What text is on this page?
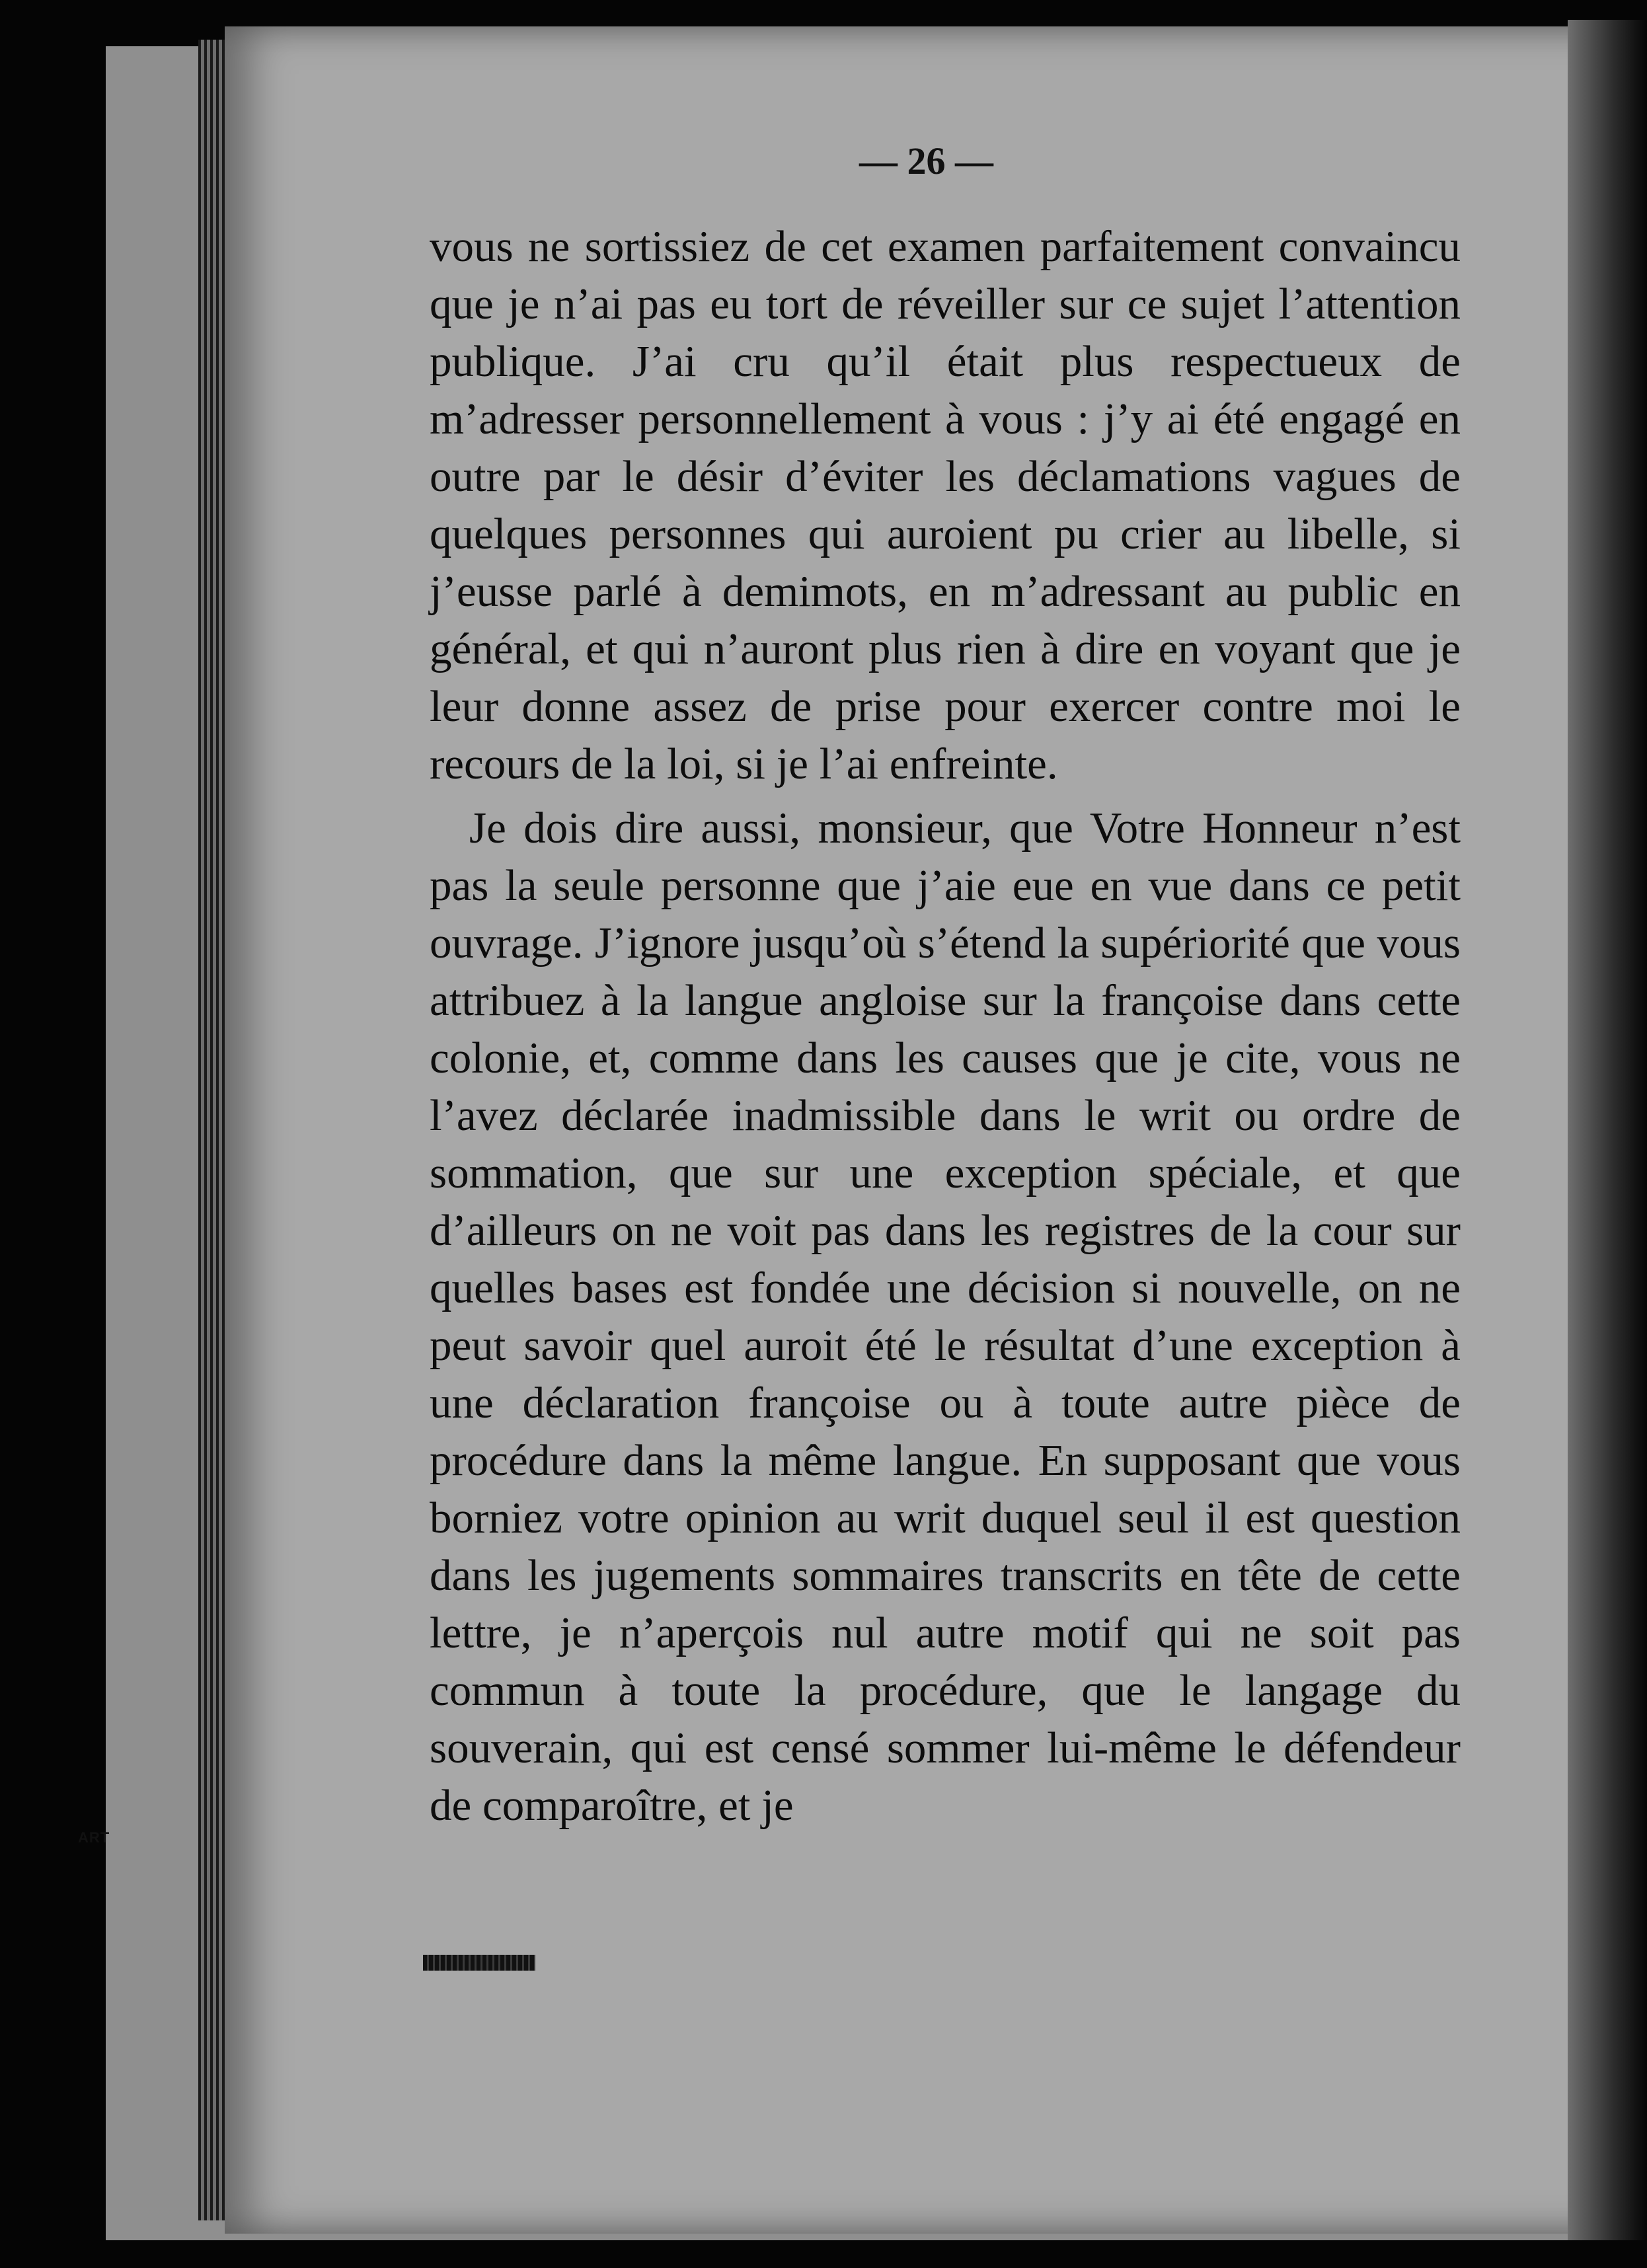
— 26 —

vous ne sortissiez de cet examen parfaitement convaincu que je n’ai pas eu tort de réveiller sur ce sujet l’attention publique. J’ai cru qu’il était plus respectueux de m’adresser personnellement à vous : j’y ai été engagé en outre par le désir d’éviter les déclamations vagues de quelques personnes qui auroient pu crier au libelle, si j’eusse parlé à demimots, en m’adressant au public en général, et qui n’auront plus rien à dire en voyant que je leur donne assez de prise pour exercer contre moi le recours de la loi, si je l’ai enfreinte.

Je dois dire aussi, monsieur, que Votre Honneur n’est pas la seule personne que j’aie eue en vue dans ce petit ouvrage. J’ignore jusqu’où s’étend la supériorité que vous attribuez à la langue angloise sur la françoise dans cette colonie, et, comme dans les causes que je cite, vous ne l’avez déclarée inadmissible dans le writ ou ordre de sommation, que sur une exception spéciale, et que d’ailleurs on ne voit pas dans les registres de la cour sur quelles bases est fondée une décision si nouvelle, on ne peut savoir quel auroit été le résultat d’une exception à une déclaration françoise ou à toute autre pièce de procédure dans la même langue. En supposant que vous borniez votre opinion au writ duquel seul il est question dans les jugements sommaires transcrits en tête de cette lettre, je n’aperçois nul autre motif qui ne soit pas commun à toute la procédure, que le langage du souverain, qui est censé sommer lui-même le défendeur de comparoître, et je

ART
